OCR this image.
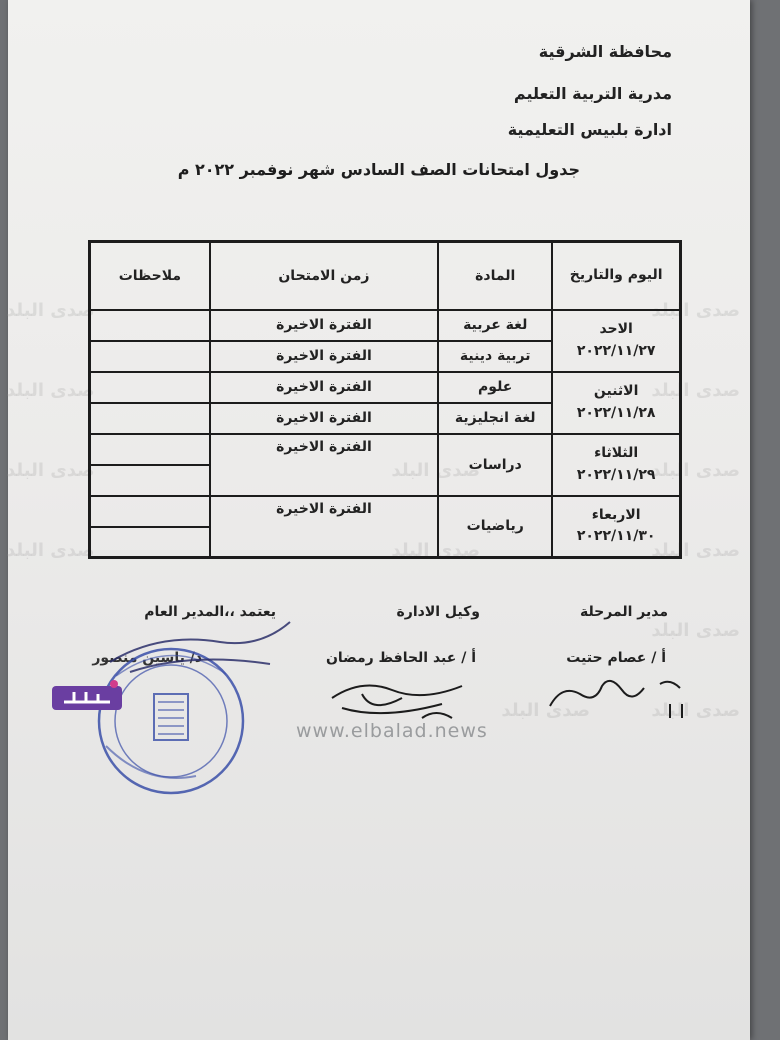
محافظة الشرقية
مدرية التربية التعليم
ادارة بلبيس التعليمية
جدول امتحانات الصف السادس شهر نوفمبر ٢٠٢٢ م
صدى البلد
صدى البلد
صدى البلد
صدى البلد
صدى البلد
صدى البلد
صدى البلد
صدى البلد
صدى البلد
صدى البلد
صدى البلد
صدى البلد
صدى البلد
اليوم والتاريخ	المادة	زمن الامتحان	ملاحظات

الاحد
٢٠٢٢/١١/٢٧	لغة عربية	الفترة الاخيرة	
	تربية دينية	الفترة الاخيرة	

الاثنين
٢٠٢٢/١١/٢٨	علوم	الفترة الاخيرة	
	لغة انجليزية	الفترة الاخيرة	

الثلاثاء
٢٠٢٢/١١/٢٩	دراسات	الفترة الاخيرة	

الاربعاء
٢٠٢٢/١١/٣٠	رياضيات	الفترة الاخيرة	

مدير المرحلة
وكيل الادارة
يعتمد ،،المدير العام
أ / عصام حتيت
أ / عبد الحافظ رمضان
د/ ياسين منصور
www.elbalad.news
